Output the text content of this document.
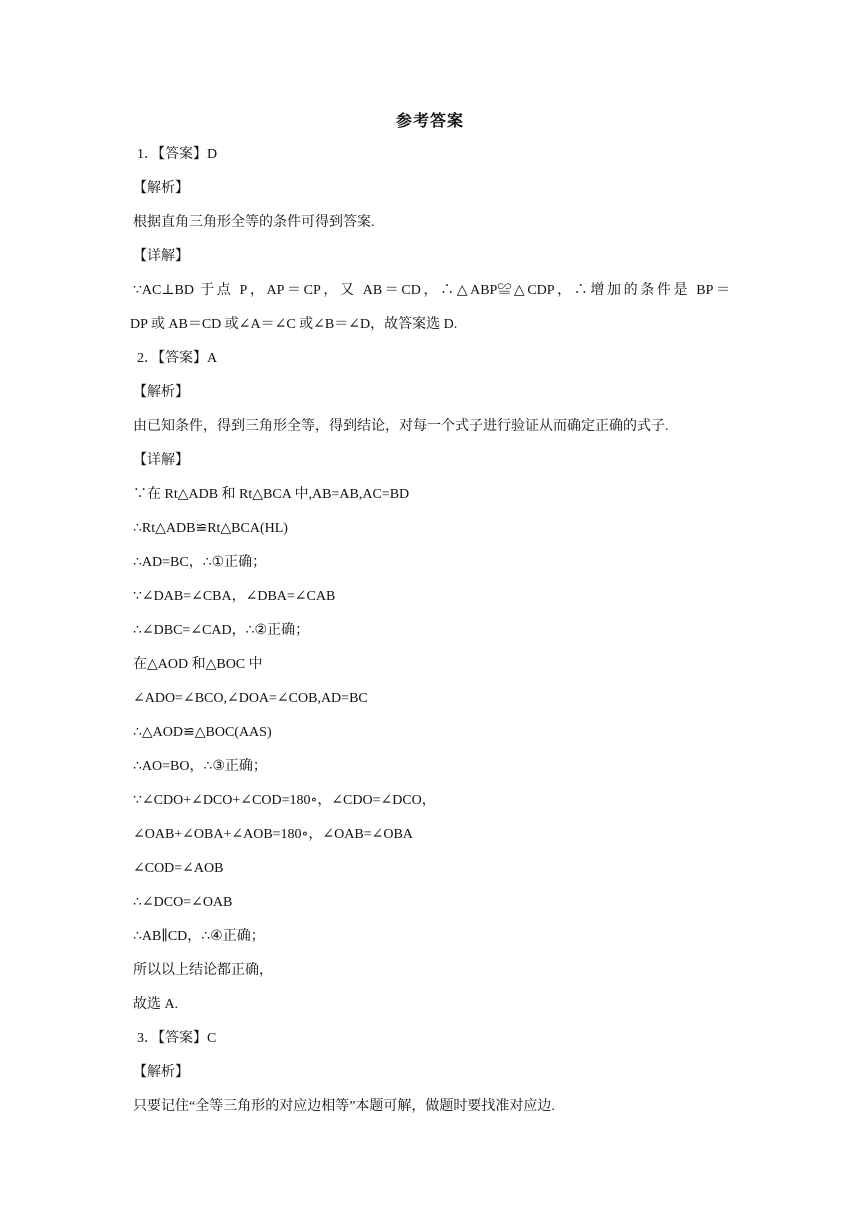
参考答案
1．【答案】D
【解析】
根据直角三角形全等的条件可得到答案.
【详解】
∵AC⊥BD 于点 P，AP＝CP，又 AB＝CD，∴△ABP≌△CDP，∴增加的条件是 BP＝
DP 或 AB＝CD 或∠A＝∠C 或∠B＝∠D，故答案选 D.
2．【答案】A
【解析】
由已知条件，得到三角形全等，得到结论，对每一个式子进行验证从而确定正确的式子.
【详解】
∵在 Rt△ADB 和 Rt△BCA 中,AB=AB,AC=BD
∴Rt△ADB≌Rt△BCA(HL)
∴AD=BC，∴①正确；
∵∠DAB=∠CBA，∠DBA=∠CAB
∴∠DBC=∠CAD，∴②正确；
在△AOD 和△BOC 中
∠ADO=∠BCO,∠DOA=∠COB,AD=BC
∴△AOD≌△BOC(AAS)
∴AO=BO，∴③正确；
∵∠CDO+∠DCO+∠COD=180∘，∠CDO=∠DCO，
∠OAB+∠OBA+∠AOB=180∘，∠OAB=∠OBA
∠COD=∠AOB
∴∠DCO=∠OAB
∴AB∥CD，∴④正确；
所以以上结论都正确，
故选 A.
3．【答案】C
【解析】
只要记住“全等三角形的对应边相等”本题可解，做题时要找准对应边.
